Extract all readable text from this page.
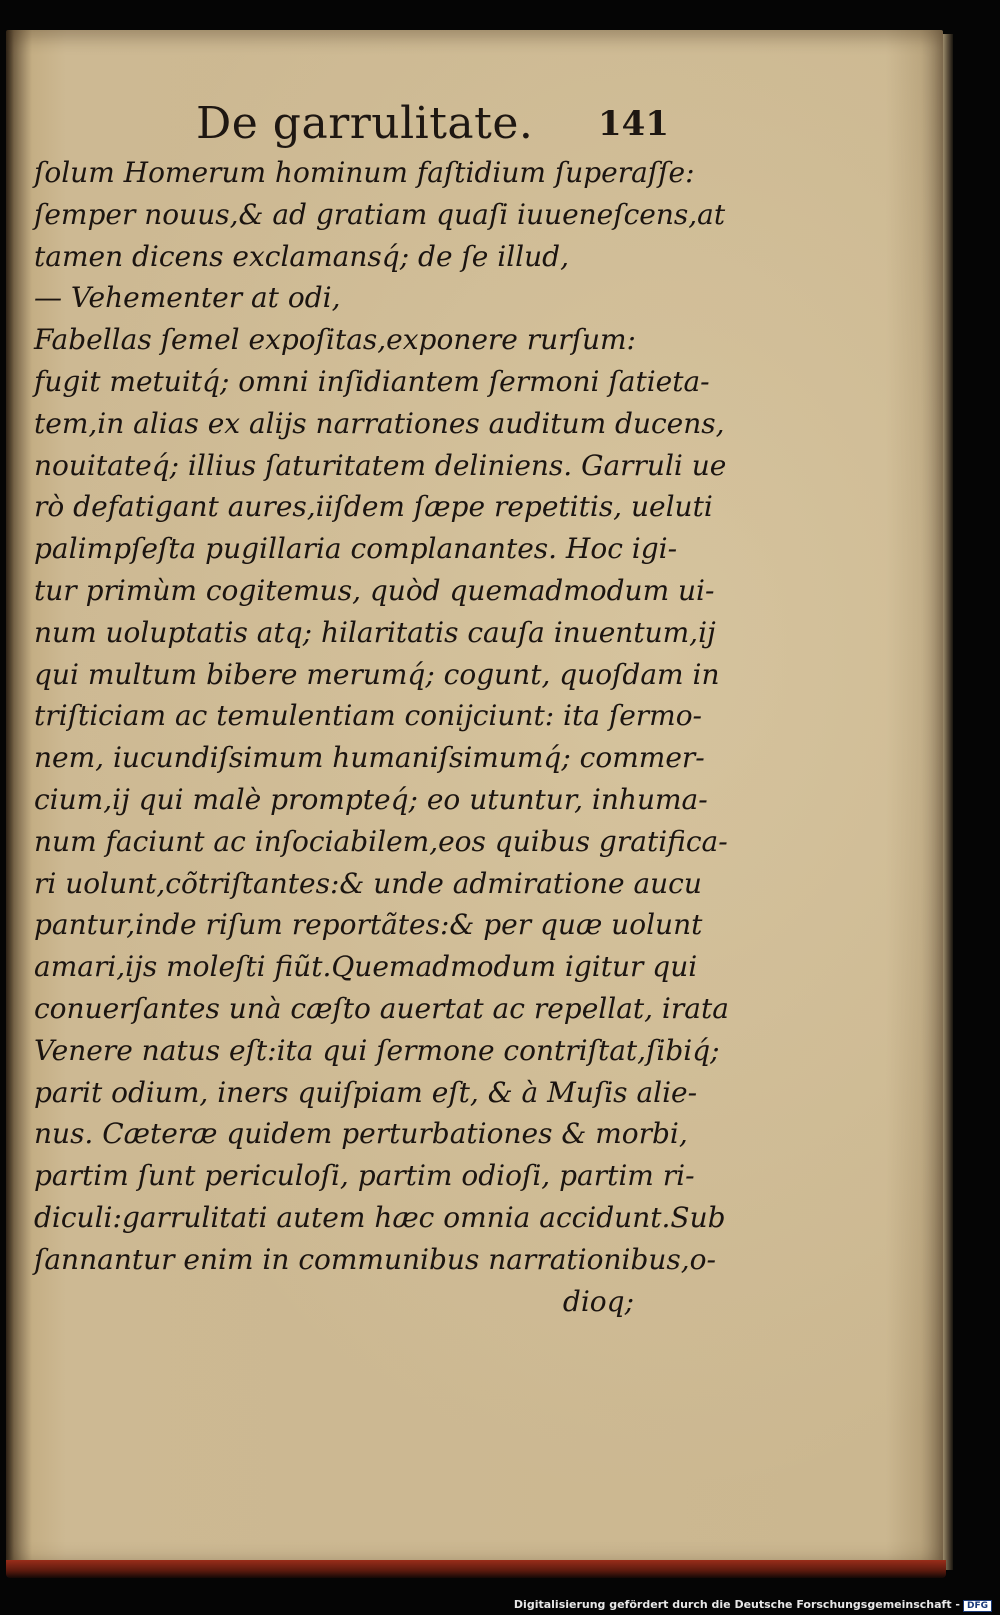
De garrulitate. 141
ſolum Homerum hominum faſtidium ſuperaſſe:
ſemper nouus,& ad gratiam quaſi iuueneſcens,at
tamen dicens exclamansq́; de ſe illud,
— Vehementer at odi,
Fabellas ſemel expoſitas,exponere rurſum:
fugit metuitq́; omni inſidiantem ſermoni ſatieta-
tem,in alias ex alijs narrationes auditum ducens,
nouitateq́; illius ſaturitatem deliniens. Garruli ue
rò defatigant aures,iiſdem ſæpe repetitis, ueluti
palimpſeſta pugillaria complanantes. Hoc igi-
tur primùm cogitemus, quòd quemadmodum ui-
num uoluptatis atq; hilaritatis cauſa inuentum,ij
qui multum bibere merumq́; cogunt, quoſdam in
triſticiam ac temulentiam conijciunt: ita ſermo-
nem, iucundiſsimum humaniſsimumq́; commer-
cium,ij qui malè prompteq́; eo utuntur, inhuma-
num faciunt ac inſociabilem,eos quibus gratifica-
ri uolunt,cõtriſtantes:& unde admiratione aucu
pantur,inde riſum reportãtes:& per quæ uolunt
amari,ijs moleſti fiũt.Quemadmodum igitur qui
conuerſantes unà cæſto auertat ac repellat, irata
Venere natus eſt:ita qui ſermone contriſtat,ſibiq́;
parit odium, iners quiſpiam eſt, & à Muſis alie-
nus. Cæteræ quidem perturbationes & morbi,
partim ſunt periculoſi, partim odioſi, partim ri-
diculi:garrulitati autem hæc omnia accidunt.Sub
ſannantur enim in communibus narrationibus,o-
dioq;
Digitalisierung gefördert durch die Deutsche Forschungsgemeinschaft - DFG
